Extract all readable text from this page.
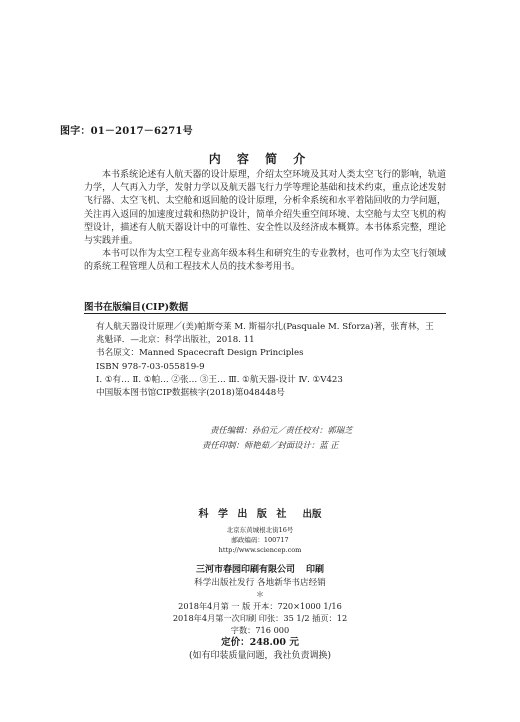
图字：01－2017－6271号
内 容 简 介

本书系统论述有人航天器的设计原理，介绍太空环境及其对人类太空飞行的影响，轨道力学，人气再入力学，发射力学以及航天器飞行力学等理论基础和技术约束，重点论述发射飞行器、太空飞机、太空舱和返回舱的设计原理，分析伞系统和水平着陆回收的力学问题，关注再入返回的加速度过载和热防护设计，简单介绍失重空间环境、太空舱与太空飞机的构型设计，描述有人航天器设计中的可靠性、安全性以及经济成本概算。本书体系完整，理论与实践并重。

本书可以作为太空工程专业高年级本科生和研究生的专业教材，也可作为太空飞行领域的系统工程管理人员和工程技术人员的技术参考用书。

图书在版编目(CIP)数据

有人航天器设计原理／(美)帕斯夸莱 M. 斯福尔扎(Pasquale M. Sforza)著，张育林，王兆魁译．—北京：科学出版社，2018. 11

书名原文：Manned Spacecraft Design Principles

ISBN 978-7-03-055819-9

Ⅰ. ①有… Ⅱ. ①帕… ②张… ③王… Ⅲ. ①航天器-设计 Ⅳ. ①V423

中国版本图书馆CIP数据核字(2018)第048448号

责任编辑：孙伯元／责任校对：郭瑞芝

责任印制：师艳茹／封面设计：蓝 正

科 学 出 版 社 出版
北京东黄城根北街16号
邮政编码：100717
http://www.sciencep.com
三河市春园印刷有限公司 印刷
科学出版社发行 各地新华书店经销
＊
2018年4月第 一 版 开本：720×1000 1/16
2018年4月第一次印刷 印张：35 1/2 插页：12
字数：716 000
定价：248.00 元
(如有印装质量问题，我社负责调换)
